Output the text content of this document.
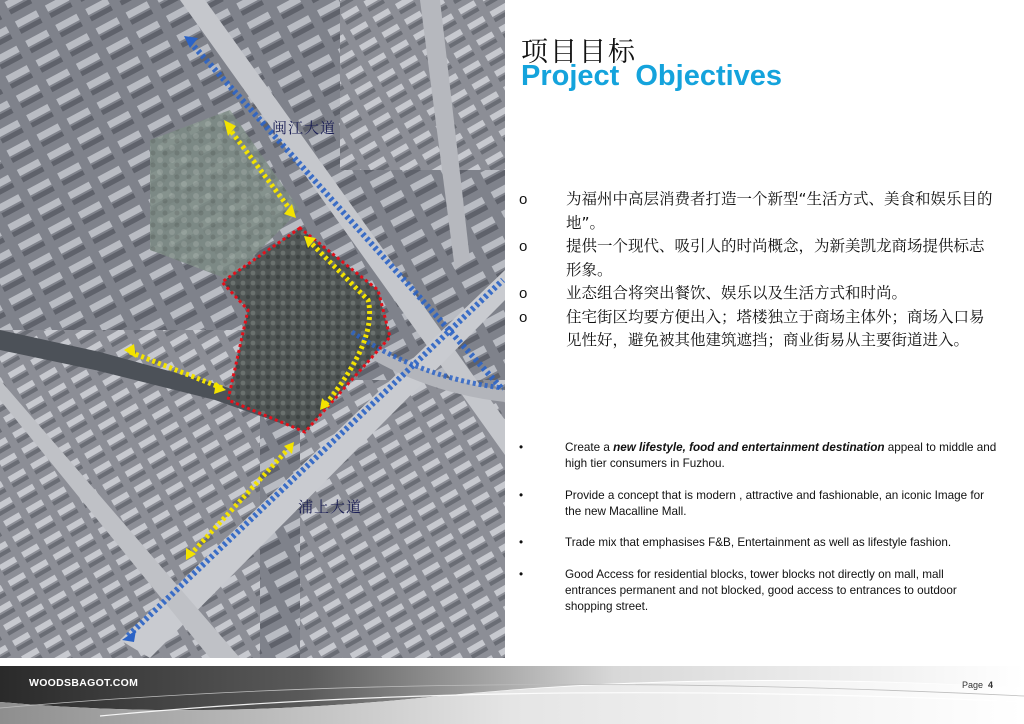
闽江大道
浦上大道
项目目标
Project Objectives
o 为福州中高层消费者打造一个新型“生活方式、美食和娱乐目的地”。
o 提供一个现代、吸引人的时尚概念，为新美凯龙商场提供标志形象。
o 业态组合将突出餐饮、娱乐以及生活方式和时尚。
o 住宅街区均要方便出入；塔楼独立于商场主体外；商场入口易见性好，避免被其他建筑遮挡；商业街易从主要街道进入。
•	Create a new lifestyle, food and entertainment destination appeal to middle and high tier consumers in Fuzhou.
•	Provide a concept that is modern , attractive and fashionable, an iconic Image for the new Macalline Mall.
•	Trade mix that emphasises F&B, Entertainment as well as lifestyle fashion.
•	Good Access for residential blocks, tower blocks not directly on mall, mall entrances permanent and not blocked, good access to entrances to outdoor shopping street.
WOODSBAGOT.COM	Page 4
